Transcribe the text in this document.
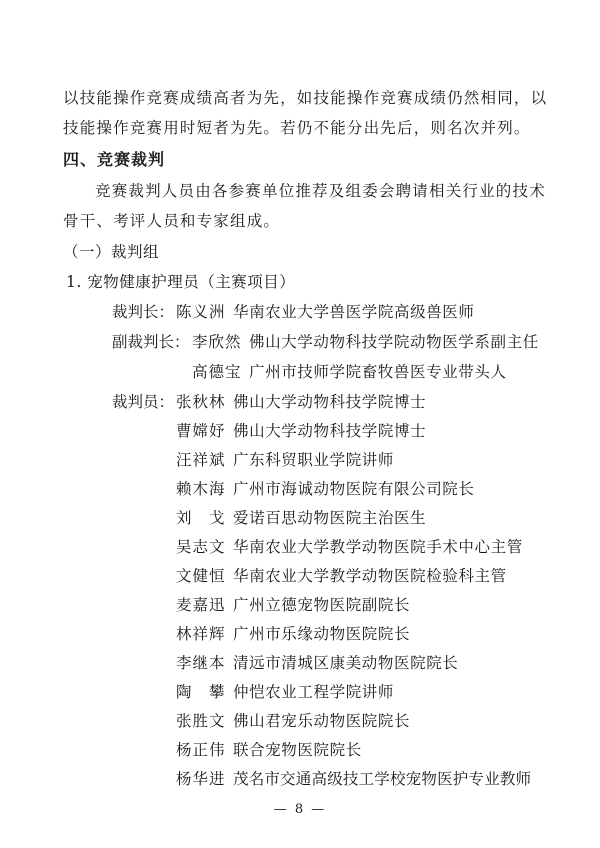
以技能操作竞赛成绩高者为先，如技能操作竞赛成绩仍然相同，以
技能操作竞赛用时短者为先。若仍不能分出先后，则名次并列。
四、竞赛裁判
竞赛裁判人员由各参赛单位推荐及组委会聘请相关行业的技术
骨干、考评人员和专家组成。
（一）裁判组
1. 宠物健康护理员（主赛项目）
裁判长： 陈义洲 华南农业大学兽医学院高级兽医师
副裁判长： 李欣然 佛山大学动物科技学院动物医学系副主任
高德宝 广州市技师学院畜牧兽医专业带头人
裁判员： 张秋林 佛山大学动物科技学院博士
曹嫦妤 佛山大学动物科技学院博士
汪祥斌 广东科贸职业学院讲师
赖木海 广州市海诚动物医院有限公司院长
刘　戈 爱诺百思动物医院主治医生
吴志文 华南农业大学教学动物医院手术中心主管
文健恒 华南农业大学教学动物医院检验科主管
麦嘉迅 广州立德宠物医院副院长
林祥辉 广州市乐缘动物医院院长
李继本 清远市清城区康美动物医院院长
陶　攀 仲恺农业工程学院讲师
张胜文 佛山君宠乐动物医院院长
杨正伟 联合宠物医院院长
杨华进 茂名市交通高级技工学校宠物医护专业教师
— 8 —
